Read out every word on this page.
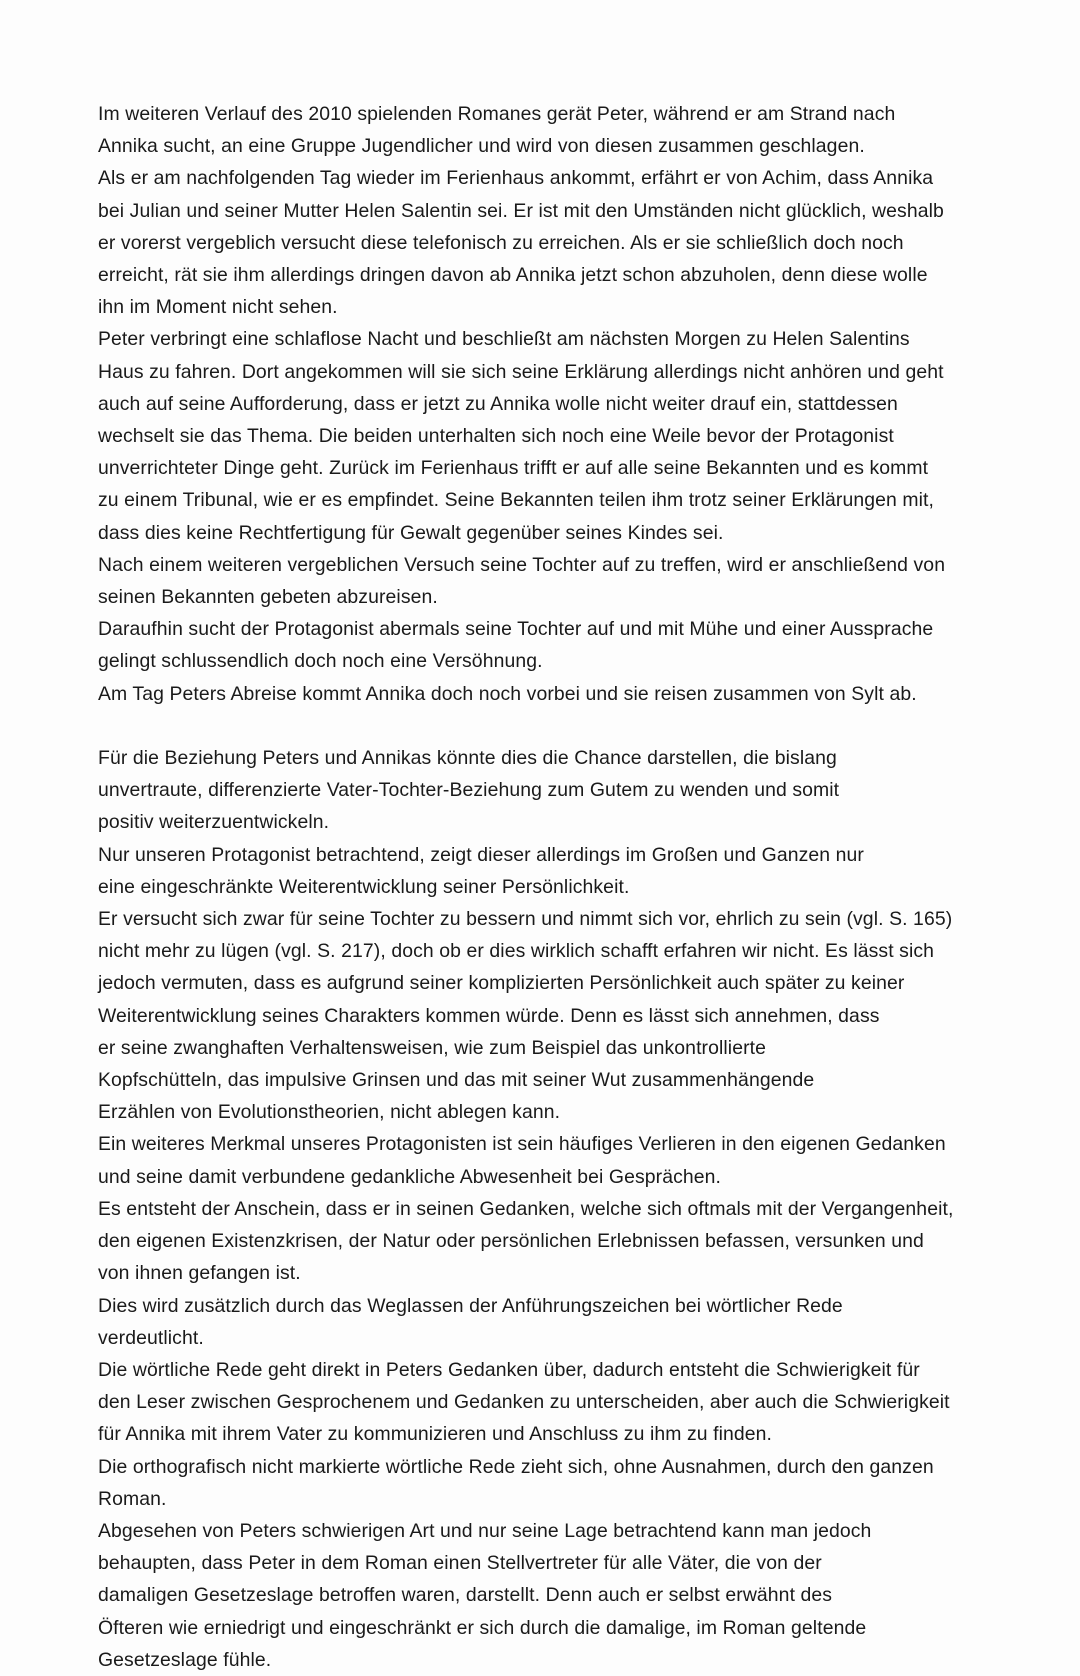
Im weiteren Verlauf des 2010 spielenden Romanes gerät Peter, während er am Strand nach
Annika sucht, an eine Gruppe Jugendlicher und wird von diesen zusammen geschlagen.
Als er am nachfolgenden Tag wieder im Ferienhaus ankommt, erfährt er von Achim, dass Annika
bei Julian und seiner Mutter Helen Salentin sei. Er ist mit den Umständen nicht glücklich, weshalb
er vorerst vergeblich versucht diese telefonisch zu erreichen. Als er sie schließlich doch noch
erreicht, rät sie ihm allerdings dringen davon ab Annika jetzt schon abzuholen, denn diese wolle
ihn im Moment nicht sehen.
Peter verbringt eine schlaflose Nacht und beschließt am nächsten Morgen zu Helen Salentins
Haus zu fahren. Dort angekommen will sie sich seine Erklärung allerdings nicht anhören und geht
auch auf seine Aufforderung, dass er jetzt zu Annika wolle nicht weiter drauf ein, stattdessen
wechselt sie das Thema. Die beiden unterhalten sich noch eine Weile bevor der Protagonist
unverrichteter Dinge geht. Zurück im Ferienhaus trifft er auf alle seine Bekannten und es kommt
zu einem Tribunal, wie er es empfindet. Seine Bekannten teilen ihm trotz seiner Erklärungen mit,
dass dies keine Rechtfertigung für Gewalt gegenüber seines Kindes sei.
Nach einem weiteren vergeblichen Versuch seine Tochter auf zu treffen, wird er anschließend von
seinen Bekannten gebeten abzureisen.
Daraufhin sucht der Protagonist abermals seine Tochter auf und mit Mühe und einer Aussprache
gelingt schlussendlich doch noch eine Versöhnung.
Am Tag Peters Abreise kommt Annika doch noch vorbei und sie reisen zusammen von Sylt ab.

Für die Beziehung Peters und Annikas könnte dies die Chance darstellen, die bislang
unvertraute, differenzierte Vater-Tochter-Beziehung zum Gutem zu wenden und somit
positiv weiterzuentwickeln.
Nur unseren Protagonist betrachtend, zeigt dieser allerdings im Großen und Ganzen nur
eine eingeschränkte Weiterentwicklung seiner Persönlichkeit.
Er versucht sich zwar für seine Tochter zu bessern und nimmt sich vor, ehrlich zu sein (vgl. S. 165)
nicht mehr zu lügen (vgl. S. 217), doch ob er dies wirklich schafft erfahren wir nicht. Es lässt sich
jedoch vermuten, dass es aufgrund seiner komplizierten Persönlichkeit auch später zu keiner
Weiterentwicklung seines Charakters kommen würde. Denn es lässt sich annehmen, dass
er seine zwanghaften Verhaltensweisen, wie zum Beispiel das unkontrollierte
Kopfschütteln, das impulsive Grinsen und das mit seiner Wut zusammenhängende
Erzählen von Evolutionstheorien, nicht ablegen kann.
Ein weiteres Merkmal unseres Protagonisten ist sein häufiges Verlieren in den eigenen Gedanken
und seine damit verbundene gedankliche Abwesenheit bei Gesprächen.
Es entsteht der Anschein, dass er in seinen Gedanken, welche sich oftmals mit der Vergangenheit,
den eigenen Existenzkrisen, der Natur oder persönlichen Erlebnissen befassen, versunken und
von ihnen gefangen ist.
Dies wird zusätzlich durch das Weglassen der Anführungszeichen bei wörtlicher Rede
verdeutlicht.
Die wörtliche Rede geht direkt in Peters Gedanken über, dadurch entsteht die Schwierigkeit für
den Leser zwischen Gesprochenem und Gedanken zu unterscheiden, aber auch die Schwierigkeit
für Annika mit ihrem Vater zu kommunizieren und Anschluss zu ihm zu finden.
Die orthografisch nicht markierte wörtliche Rede zieht sich, ohne Ausnahmen, durch den ganzen
Roman.
Abgesehen von Peters schwierigen Art und nur seine Lage betrachtend kann man jedoch
behaupten, dass Peter in dem Roman einen Stellvertreter für alle Väter, die von der
damaligen Gesetzeslage betroffen waren, darstellt. Denn auch er selbst erwähnt des
Öfteren wie erniedrigt und eingeschränkt er sich durch die damalige, im Roman geltende
Gesetzeslage fühle.
